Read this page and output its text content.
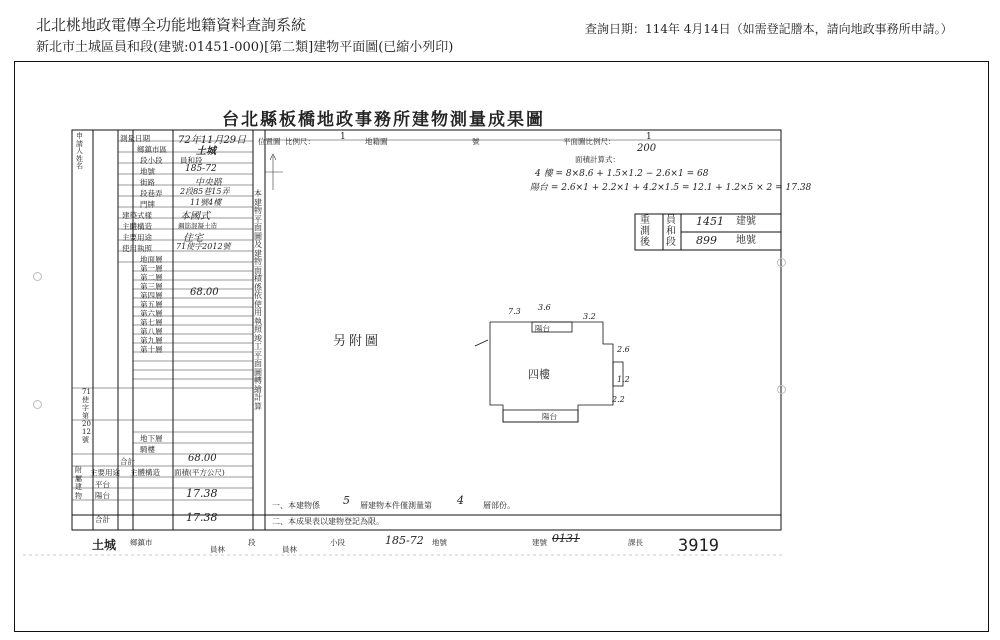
北北桃地政電傳全功能地籍資料查詢系統
新北市土城區員和段(建號:01451-000)[第二類]建物平面圖(已縮小列印)
查詢日期：114年 4月14日（如需登記謄本，請向地政事務所申請。）
台北縣板橋地政事務所建物測量成果圖
位置圖 比例尺：	1	地籍圖	號	平面圖比例尺：	1
200
面積計算式：
4 樓 = 8×8.6 + 1.5×1.2 − 2.6×1 = 68
陽台 = 2.6×1 + 2.2×1 + 4.2×1.5 = 12.1 + 1.2×5 × 2 = 17.38
重測後
員和段
1451 建號
899 地號
本建物平面圖及建物面積係依使用執照竣工平面圖轉繪計算
另附圖
四樓
陽台
陽台
7.3 3.6
3.2
2.6
1.2
2.2
一、本建物係 5 層建物本件僅測量第 4 層部份。
二、本成果表以建物登記為限。
土城 鄉鎮市
員林
段
員林
小段	185-72 地號	建號 0131	課長 3919
申請人姓名
測量日期	72年11月29日
鄉鎮市區	土城
段小段 員和段
地號	185-72
街路	中央路
段巷弄 2段85巷15弄
門牌	11號4樓
建築式樣	本國式
主體構造	鋼筋混凝土造
主要用途	住宅
使用執照	71使字2012號
地面層
第一層
第二層
第三層
第四層	68.00
第五層
第六層
第七層
第八層
第九層
第十層
71使字第2012號	地下層
騎樓
合計	68.00
附屬建物
主要用途 主體構造 面積(平方公尺)
平台
陽台	17.38
合計	17.38
